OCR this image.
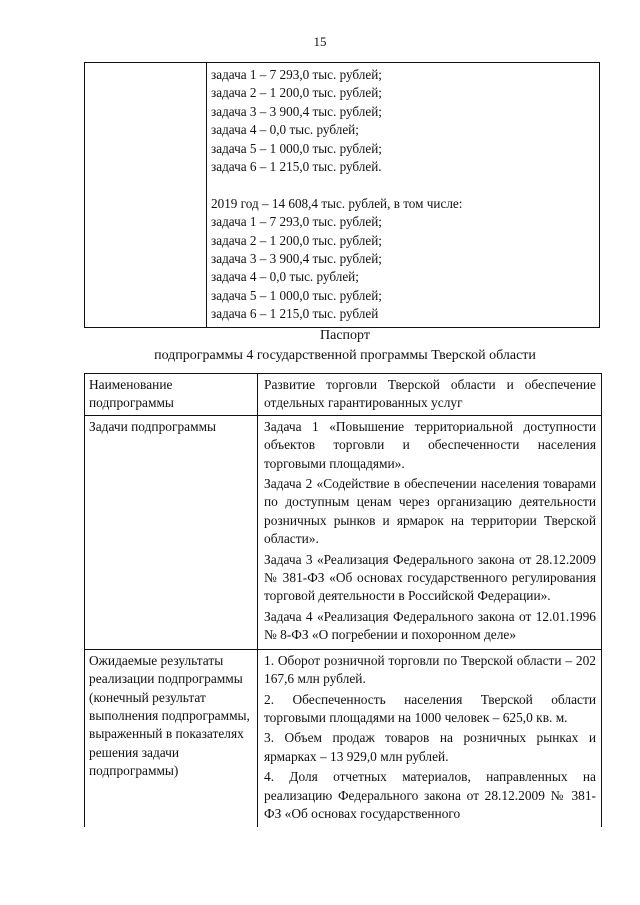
15

задача 1 – 7 293,0 тыс. рублей;
задача 2 – 1 200,0 тыс. рублей;
задача 3 – 3 900,4 тыс. рублей;
задача 4 – 0,0 тыс. рублей;
задача 5 – 1 000,0 тыс. рублей;
задача 6 – 1 215,0 тыс. рублей.
2019 год – 14 608,4 тыс. рублей, в том числе:
задача 1 – 7 293,0 тыс. рублей;
задача 2 – 1 200,0 тыс. рублей;
задача 3 – 3 900,4 тыс. рублей;
задача 4 – 0,0 тыс. рублей;
задача 5 – 1 000,0 тыс. рублей;
задача 6 – 1 215,0 тыс. рублей
Паспорт
подпрограммы 4 государственной программы Тверской области
Наименование подпрограммы	Развитие торговли Тверской области и обеспечение отдельных гарантированных услуг
Задачи подпрограммы	Задача 1 «Повышение территориальной доступности объектов торговли и обеспеченности населения торговыми площадями».
Задача 2 «Содействие в обеспечении населения товарами по доступным ценам через организацию деятельности розничных рынков и ярмарок на территории Тверской области».
Задача 3 «Реализация Федерального закона от 28.12.2009 № 381-ФЗ «Об основах государственного регулирования торговой деятельности в Российской Федерации».
Задача 4 «Реализация Федерального закона от 12.01.1996 № 8-ФЗ «О погребении и похоронном деле»

Ожидаемые результаты реализации подпрограммы (конечный результат выполнения подпрограммы, выраженный в показателях решения задачи подпрограммы)	1. Оборот розничной торговли по Тверской области – 202 167,6 млн рублей.
2. Обеспеченность населения Тверской области торговыми площадями на 1000 человек – 625,0 кв. м.
3. Объем продаж товаров на розничных рынках и ярмарках – 13 929,0 млн рублей.
4. Доля отчетных материалов, направленных на реализацию Федерального закона от 28.12.2009 № 381-ФЗ «Об основах государственного
